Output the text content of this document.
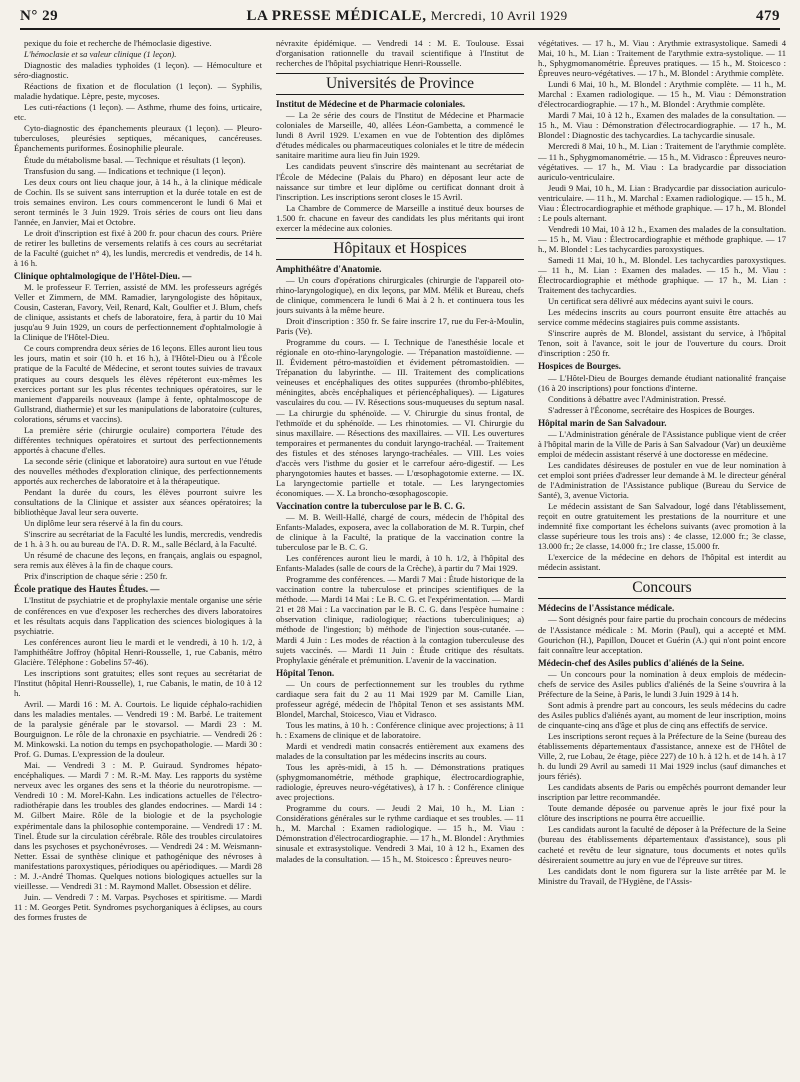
N° 29	LA PRESSE MÉDICALE, Mercredi, 10 Avril 1929	479

pexique du foie et recherche de l'hémoclasie digestive.

L'hémoclasie et sa valeur clinique (1 leçon).

Diagnostic des maladies typhoïdes (1 leçon). — Hémoculture et séro-diagnostic.

Réactions de fixation et de floculation (1 leçon). — Syphilis, maladie hydatique. Lèpre, peste, mycoses.

Les cuti-réactions (1 leçon). — Asthme, rhume des foins, urticaire, etc.

Cyto-diagnostic des épanchements pleuraux (1 leçon). — Pleuro-tuberculoses, pleurésies septiques, mécaniques, cancéreuses. Épanchements puriformes. Éosinophilie pleurale.

Étude du métabolisme basal. — Technique et résultats (1 leçon).

Transfusion du sang. — Indications et technique (1 leçon).

Les deux cours ont lieu chaque jour, à 14 h., à la clinique médicale de Cochin. Ils se suivent sans interruption et la durée totale en est de trois semaines environ. Les cours commenceront le lundi 6 Mai et seront terminés le 3 Juin 1929. Trois séries de cours ont lieu dans l'année, en Janvier, Mai et Octobre.

Le droit d'inscription est fixé à 200 fr. pour chacun des cours. Prière de retirer les bulletins de versements relatifs à ces cours au secrétariat de la Faculté (guichet n° 4), les lundis, mercredis et vendredis, de 14 h. à 16 h.

Clinique ophtalmologique de l'Hôtel-Dieu. —

M. le professeur F. Terrien, assisté de MM. les professeurs agrégés Veller et Zimmern, de MM. Ramadier, laryngologiste des hôpitaux, Cousin, Casteran, Favory, Veil, Renard, Kalt, Goulfier et J. Blum, chefs de clinique, assistants et chefs de laboratoire, fera, à partir du 10 Mai jusqu'au 9 Juin 1929, un cours de perfectionnement d'ophtalmologie à la Clinique de l'Hôtel-Dieu.

Ce cours comprendra deux séries de 16 leçons. Elles auront lieu tous les jours, matin et soir (10 h. et 16 h.), à l'Hôtel-Dieu ou à l'École pratique de la Faculté de Médecine, et seront toutes suivies de travaux pratiques au cours desquels les élèves répéteront eux-mêmes les exercices portant sur les plus récentes techniques opératoires, sur le maniement d'appareils nouveaux (lampe à fente, ophtalmoscope de Gullstrand, diathermie) et sur les manipulations de laboratoire (cultures, colorations, sérums et vaccins).

La première série (chirurgie oculaire) comportera l'étude des différentes techniques opératoires et surtout des perfectionnements apportés à chacune d'elles.

La seconde série (clinique et laboratoire) aura surtout en vue l'étude des nouvelles méthodes d'exploration clinique, des perfectionnements apportés aux recherches de laboratoire et à la thérapeutique.

Pendant la durée du cours, les élèves pourront suivre les consultations de la Clinique et assister aux séances opératoires; la bibliothèque Javal leur sera ouverte.

Un diplôme leur sera réservé à la fin du cours.

S'inscrire au secrétariat de la Faculté les lundis, mercredis, vendredis de 1 h. à 3 h. ou au bureau de l'A. D. R. M., salle Béclard, à la Faculté.

Un résumé de chacune des leçons, en français, anglais ou espagnol, sera remis aux élèves à la fin de chaque cours.

Prix d'inscription de chaque série : 250 fr.

École pratique des Hautes Études. —

L'Institut de psychiatrie et de prophylaxie mentale organise une série de conférences en vue d'exposer les recherches des divers laboratoires et les résultats acquis dans l'application des sciences biologiques à la psychiatrie.

Les conférences auront lieu le mardi et le vendredi, à 10 h. 1/2, à l'amphithéâtre Joffroy (hôpital Henri-Rousselle, 1, rue Cabanis, métro Glacière. Téléphone : Gobelins 57-46).

Les inscriptions sont gratuites; elles sont reçues au secrétariat de l'Institut (hôpital Henri-Rousselle), 1, rue Cabanis, le matin, de 10 à 12 h.

Avril. — Mardi 16 : M. A. Courtois. Le liquide céphalo-rachidien dans les maladies mentales. — Vendredi 19 : M. Barbé. Le traitement de la paralysie générale par le stovarsol. — Mardi 23 : M. Bourguignon. Le rôle de la chronaxie en psychiatrie. — Vendredi 26 : M. Minkowski. La notion du temps en psychopathologie. — Mardi 30 : Prof. G. Dumas. L'expression de la douleur.

Mai. — Vendredi 3 : M. P. Guiraud. Syndromes hépato-encéphaliques. — Mardi 7 : M. R.-M. May. Les rapports du système nerveux avec les organes des sens et la théorie du neurotropisme. — Vendredi 10 : M. Morel-Kahn. Les indications actuelles de l'électro-radiothérapie dans les troubles des glandes endocrines. — Mardi 14 : M. Gilbert Maire. Rôle de la biologie et de la psychologie expérimentale dans la philosophie contemporaine. — Vendredi 17 : M. Tinel. Étude sur la circulation cérébrale. Rôle des troubles circulatoires dans les psychoses et psychonévroses. — Vendredi 24 : M. Weismann-Netter. Essai de synthèse clinique et pathogénique des névroses à manifestations paroxystiques, périodiques ou apériodiques. — Mardi 28 : M. J.-André Thomas. Quelques notions biologiques actuelles sur la vieillesse. — Vendredi 31 : M. Raymond Mallet. Obsession et délire.

Juin. — Vendredi 7 : M. Varpas. Psychoses et spiritisme. — Mardi 11 : M. Georges Petit. Syndromes psychorganiques à éclipses, au cours des formes frustes de

névraxite épidémique. — Vendredi 14 : M. E. Toulouse. Essai d'organisation rationnelle du travail scientifique à l'Institut de recherches de l'hôpital psychiatrique Henri-Rousselle.

Universités de Province
Institut de Médecine et de Pharmacie coloniales.

— La 2e série des cours de l'Institut de Médecine et Pharmacie coloniales de Marseille, 40, allées Léon-Gambetta, a commencé le lundi 8 Avril 1929. L'examen en vue de l'obtention des diplômes d'études médicales ou pharmaceutiques coloniales et le titre de médecin sanitaire maritime aura lieu fin Juin 1929.

Les candidats peuvent s'inscrire dès maintenant au secrétariat de l'École de Médecine (Palais du Pharo) en déposant leur acte de naissance sur timbre et leur diplôme ou certificat donnant droit à l'inscription. Les inscriptions seront closes le 15 Avril.

La Chambre de Commerce de Marseille a institué deux bourses de 1.500 fr. chacune en faveur des candidats les plus méritants qui iront exercer la médecine aux colonies.

Hôpitaux et Hospices
Amphithéâtre d'Anatomie.

— Un cours d'opérations chirurgicales (chirurgie de l'appareil oto-rhino-laryngologique), en dix leçons, par MM. Mélik et Bureau, chefs de clinique, commencera le lundi 6 Mai à 2 h. et continuera tous les jours suivants à la même heure.

Droit d'inscription : 350 fr. Se faire inscrire 17, rue du Fer-à-Moulin, Paris (Ve).

Programme du cours. — I. Technique de l'anesthésie locale et régionale en oto-rhino-laryngologie. — Trépanation mastoïdienne. — II. Évidement pétro-mastoïdien et évidement pétromastoïdien. — Trépanation du labyrinthe. — III. Traitement des complications veineuses et encéphaliques des otites suppurées (thrombo-phlébites, méningites, abcès encéphaliques et périencéphaliques). — Ligatures vasculaires du cou. — IV. Résections sous-muqueuses du septum nasal. — La chirurgie du sphénoïde. — V. Chirurgie du sinus frontal, de l'ethmoïde et du sphénoïde. — Les rhinotomies. — VI. Chirurgie du sinus maxillaire. — Résections des maxillaires. — VII. Les ouvertures temporaires et permanentes du conduit laryngo-trachéal. — Traitement des fistules et des sténoses laryngo-trachéales. — VIII. Les voies d'accès vers l'isthme du gosier et le carrefour aéro-digestif. — Les pharyngotomies hautes et basses. — L'œsophagotomie externe. — IX. La laryngectomie partielle et totale. — Les laryngectomies économiques. — X. La broncho-œsophagoscopie.

Vaccination contre la tuberculose par le B. C. G.

— M. B. Weill-Hallé, chargé de cours, médecin de l'hôpital des Enfants-Malades, exposera, avec la collaboration de M. R. Turpin, chef de clinique à la Faculté, la pratique de la vaccination contre la tuberculose par le B. C. G.

Les conférences auront lieu le mardi, à 10 h. 1/2, à l'hôpital des Enfants-Malades (salle de cours de la Crèche), à partir du 7 Mai 1929.

Programme des conférences. — Mardi 7 Mai : Étude historique de la vaccination contre la tuberculose et principes scientifiques de la méthode. — Mardi 14 Mai : Le B. C. G. et l'expérimentation. — Mardi 21 et 28 Mai : La vaccination par le B. C. G. dans l'espèce humaine : observation clinique, radiologique; réactions tuberculiniques; a) méthode de l'ingestion; b) méthode de l'injection sous-cutanée. — Mardi 4 Juin : Les modes de réaction à la contagion tuberculeuse des sujets vaccinés. — Mardi 11 Juin : Étude critique des résultats. Prophylaxie générale et prémunition. L'avenir de la vaccination.

Hôpital Tenon.

— Un cours de perfectionnement sur les troubles du rythme cardiaque sera fait du 2 au 11 Mai 1929 par M. Camille Lian, professeur agrégé, médecin de l'hôpital Tenon et ses assistants MM. Blondel, Marchal, Stoicesco, Viau et Vidrasco.

Tous les matins, à 10 h. : Conférence clinique avec projections; à 11 h. : Examens de clinique et de laboratoire.

Mardi et vendredi matin consacrés entièrement aux examens des malades de la consultation par les médecins inscrits au cours.

Tous les après-midi, à 15 h. — Démonstrations pratiques (sphygmomanométrie, méthode graphique, électrocardiographie, radiologie, épreuves neuro-végétatives), à 17 h. : Conférence clinique avec projections.

Programme du cours. — Jeudi 2 Mai, 10 h., M. Lian : Considérations générales sur le rythme cardiaque et ses troubles. — 11 h., M. Marchal : Examen radiologique. — 15 h., M. Viau : Démonstration d'électrocardiographie. — 17 h., M. Blondel : Arythmies sinusale et extrasystolique. Vendredi 3 Mai, 10 à 12 h., Examen des malades de la consultation. — 15 h., M. Stoicesco : Épreuves neuro-

végétatives. — 17 h., M. Viau : Arythmie extrasystolique. Samedi 4 Mai, 10 h., M. Lian : Traitement de l'arythmie extra-systolique. — 11 h., Sphygmomanométrie. Épreuves pratiques. — 15 h., M. Stoicesco : Épreuves neuro-végétatives. — 17 h., M. Blondel : Arythmie complète.

Lundi 6 Mai, 10 h., M. Blondel : Arythmie complète. — 11 h., M. Marchal : Examen radiologique. — 15 h., M. Viau : Démonstration d'électrocardiographie. — 17 h., M. Blondel : Arythmie complète.

Mardi 7 Mai, 10 à 12 h., Examen des malades de la consultation. — 15 h., M. Viau : Démonstration d'électrocardiographie. — 17 h., M. Blondel : Diagnostic des tachycardies. La tachycardie sinusale.

Mercredi 8 Mai, 10 h., M. Lian : Traitement de l'arythmie complète. — 11 h., Sphygmomanométrie. — 15 h., M. Vidrasco : Épreuves neuro-végétatives. — 17 h., M. Viau : La bradycardie par dissociation auriculo-ventriculaire.

Jeudi 9 Mai, 10 h., M. Lian : Bradycardie par dissociation auriculo-ventriculaire. — 11 h., M. Marchal : Examen radiologique. — 15 h., M. Viau : Électrocardiographie et méthode graphique. — 17 h., M. Blondel : Le pouls alternant.

Vendredi 10 Mai, 10 à 12 h., Examen des malades de la consultation. — 15 h., M. Viau : Électrocardiographie et méthode graphique. — 17 h., M. Blondel : Les tachycardies paroxystiques.

Samedi 11 Mai, 10 h., M. Blondel. Les tachycardies paroxystiques. — 11 h., M. Lian : Examen des malades. — 15 h., M. Viau : Électrocardiographie et méthode graphique. — 17 h., M. Lian : Traitement des tachycardies.

Un certificat sera délivré aux médecins ayant suivi le cours.

Les médecins inscrits au cours pourront ensuite être attachés au service comme médecins stagiaires puis comme assistants.

S'inscrire auprès de M. Blondel, assistant du service, à l'hôpital Tenon, soit à l'avance, soit le jour de l'ouverture du cours. Droit d'inscription : 250 fr.

Hospices de Bourges.

— L'Hôtel-Dieu de Bourges demande étudiant nationalité française (16 à 20 inscriptions) pour fonctions d'interne.

Conditions à débattre avec l'Administration. Pressé.

S'adresser à l'Économe, secrétaire des Hospices de Bourges.

Hôpital marin de San Salvadour.

— L'Administration générale de l'Assistance publique vient de créer à l'hôpital marin de la Ville de Paris à San Salvadour (Var) un deuxième emploi de médecin assistant réservé à une doctoresse en médecine.

Les candidates désireuses de postuler en vue de leur nomination à cet emploi sont priées d'adresser leur demande à M. le directeur général de l'Administration de l'Assistance publique (Bureau du Service de Santé), 3, avenue Victoria.

Le médecin assistant de San Salvadour, logé dans l'établissement, reçoit en outre gratuitement les prestations de la nourriture et une indemnité fixe comportant les échelons suivants (avec promotion à la classe supérieure tous les trois ans) : 4e classe, 12.000 fr.; 3e classe, 13.000 fr.; 2e classe, 14.000 fr.; 1re classe, 15.000 fr.

L'exercice de la médecine en dehors de l'hôpital est interdit au médecin assistant.

Concours
Médecins de l'Assistance médicale.

— Sont désignés pour faire partie du prochain concours de médecins de l'Assistance médicale : M. Morin (Paul), qui a accepté et MM. Gourichon (H.), Papillon, Doucet et Guérin (A.) qui n'ont point encore fait connaître leur acceptation.

Médecin-chef des Asiles publics d'aliénés de la Seine.

— Un concours pour la nomination à deux emplois de médecin-chefs de service des Asiles publics d'aliénés de la Seine s'ouvrira à la Préfecture de la Seine, à Paris, le lundi 3 Juin 1929 à 14 h.

Sont admis à prendre part au concours, les seuls médecins du cadre des Asiles publics d'aliénés ayant, au moment de leur inscription, moins de cinquante-cinq ans d'âge et plus de cinq ans effectifs de service.

Les inscriptions seront reçues à la Préfecture de la Seine (bureau des établissements départementaux d'assistance, annexe est de l'Hôtel de Ville, 2, rue Lobau, 2e étage, pièce 227) de 10 h. à 12 h. et de 14 h. à 17 h. du lundi 29 Avril au samedi 11 Mai 1929 inclus (sauf dimanches et jours fériés).

Les candidats absents de Paris ou empêchés pourront demander leur inscription par lettre recommandée.

Toute demande déposée ou parvenue après le jour fixé pour la clôture des inscriptions ne pourra être accueillie.

Les candidats auront la faculté de déposer à la Préfecture de la Seine (bureau des établissements départementaux d'assistance), sous pli cacheté et revêtu de leur signature, tous documents et notes qu'ils désireraient soumettre au jury en vue de l'épreuve sur titres.

Les candidats dont le nom figurera sur la liste arrêtée par M. le Ministre du Travail, de l'Hygiène, de l'Assis-
